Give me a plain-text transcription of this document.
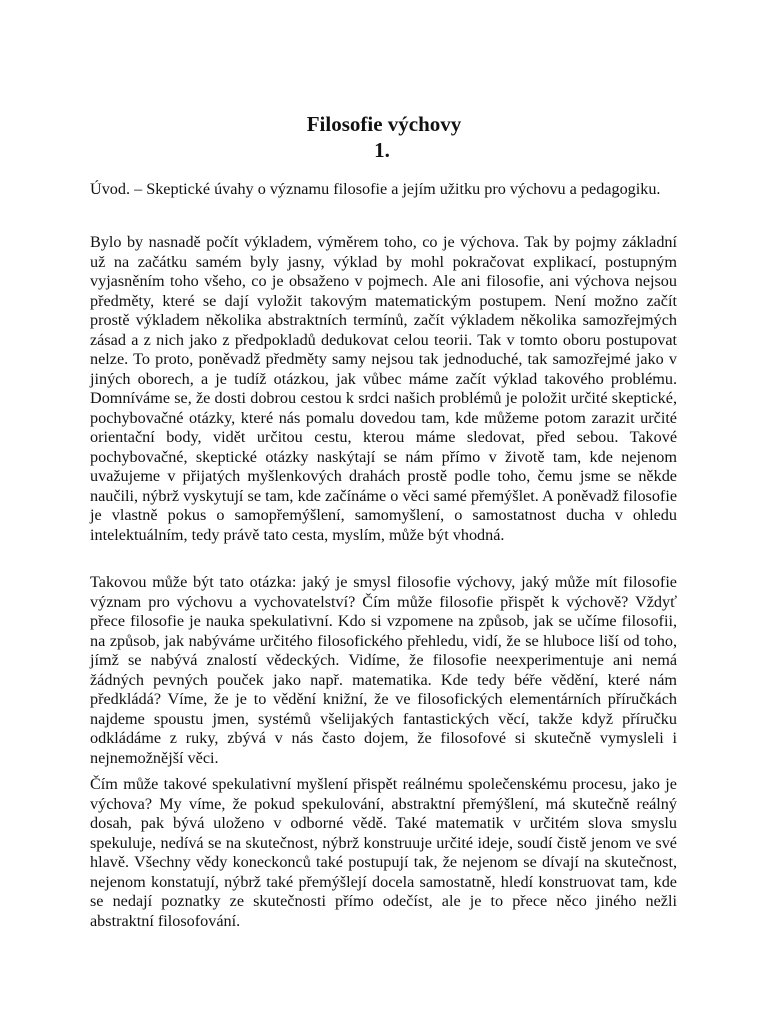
Filosofie výchovy
1.
Úvod. – Skeptické úvahy o významu filosofie a jejím užitku pro výchovu a pedagogiku.
Bylo by nasnadě počít výkladem, výměrem toho, co je výchova. Tak by pojmy základní už na začátku samém byly jasny, výklad by mohl pokračovat explikací, postupným vyjasněním toho všeho, co je obsaženo v pojmech. Ale ani filosofie, ani výchova nejsou předměty, které se dají vyložit takovým matematickým postupem. Není možno začít prostě výkladem několika abstraktních termínů, začít výkladem několika samozřejmých zásad a z nich jako z předpokladů dedukovat celou teorii. Tak v tomto oboru postupovat nelze. To proto, poněvadž předměty samy nejsou tak jednoduché, tak samozřejmé jako v jiných oborech, a je tudíž otázkou, jak vůbec máme začít výklad takového problému. Domníváme se, že dosti dobrou cestou k srdci našich problémů je položit určité skeptické, pochybovačné otázky, které nás pomalu dovedou tam, kde můžeme potom zarazit určité orientační body, vidět určitou cestu, kterou máme sledovat, před sebou. Takové pochybovačné, skeptické otázky naskýtají se nám přímo v životě tam, kde nejenom uvažujeme v přijatých myšlenkových drahách prostě podle toho, čemu jsme se někde naučili, nýbrž vyskytují se tam, kde začínáme o věci samé přemýšlet. A poněvadž filosofie je vlastně pokus o samopřemýšlení, samomyšlení, o samostatnost ducha v ohledu intelektuálním, tedy právě tato cesta, myslím, může být vhodná.
Takovou může být tato otázka: jaký je smysl filosofie výchovy, jaký může mít filosofie význam pro výchovu a vychovatelství? Čím může filosofie přispět k výchově? Vždyť přece filosofie je nauka spekulativní. Kdo si vzpomene na způsob, jak se učíme filosofii, na způsob, jak nabýváme určitého filosofického přehledu, vidí, že se hluboce liší od toho, jímž se nabývá znalostí vědeckých. Vidíme, že filosofie neexperimentuje ani nemá žádných pevných pouček jako např. matematika. Kde tedy béře vědění, které nám předkládá? Víme, že je to vědění knižní, že ve filosofických elementárních příručkách najdeme spoustu jmen, systémů všelijakých fantastických věcí, takže když příručku odkládáme z ruky, zbývá v nás často dojem, že filosofové si skutečně vymysleli i nejnemožnější věci.
Čím může takové spekulativní myšlení přispět reálnému společenskému procesu, jako je výchova? My víme, že pokud spekulování, abstraktní přemýšlení, má skutečně reálný dosah, pak bývá uloženo v odborné vědě. Také matematik v určitém slova smyslu spekuluje, nedívá se na skutečnost, nýbrž konstruuje určité ideje, soudí čistě jenom ve své hlavě. Všechny vědy koneckonců také postupují tak, že nejenom se dívají na skutečnost, nejenom konstatují, nýbrž také přemýšlejí docela samostatně, hledí konstruovat tam, kde se nedají poznatky ze skutečnosti přímo odečíst, ale je to přece něco jiného nežli abstraktní filosofování.
